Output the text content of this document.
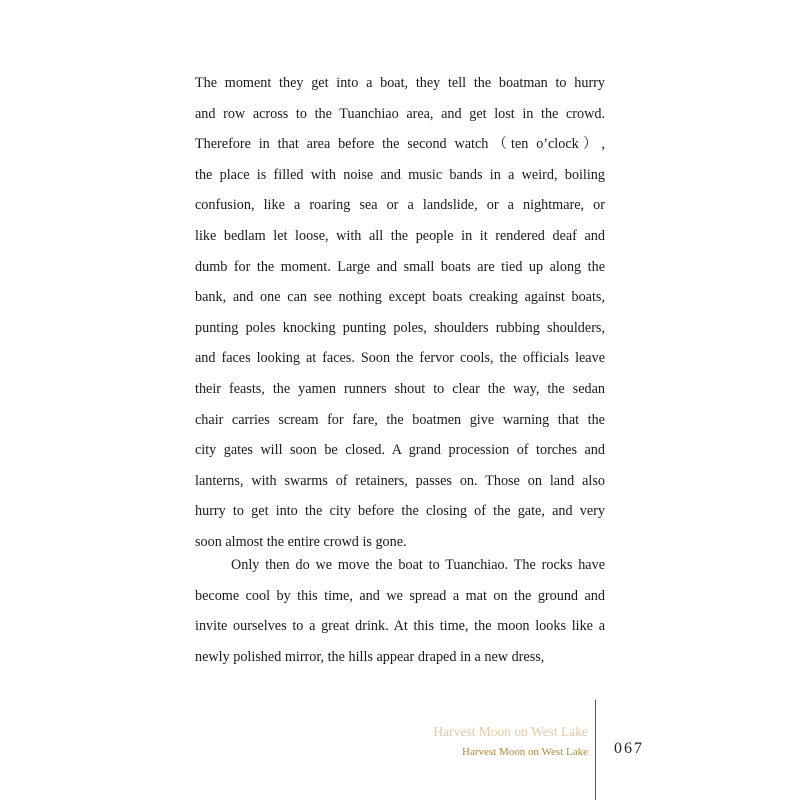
The moment they get into a boat, they tell the boatman to hurry
and row across to the Tuanchiao area, and get lost in the crowd.
Therefore in that area before the second watch（ten o’clock）,
the place is filled with noise and music bands in a weird, boiling
confusion, like a roaring sea or a landslide, or a nightmare, or
like bedlam let loose, with all the people in it rendered deaf and
dumb for the moment. Large and small boats are tied up along the
bank, and one can see nothing except boats creaking against boats,
punting poles knocking punting poles, shoulders rubbing shoulders,
and faces looking at faces. Soon the fervor cools, the officials leave
their feasts, the yamen runners shout to clear the way, the sedan
chair carries scream for fare, the boatmen give warning that the
city gates will soon be closed. A grand procession of torches and
lanterns, with swarms of retainers, passes on. Those on land also
hurry to get into the city before the closing of the gate, and very
soon almost the entire crowd is gone.
Only then do we move the boat to Tuanchiao. The rocks have
become cool by this time, and we spread a mat on the ground and
invite ourselves to a great drink. At this time, the moon looks like a
newly polished mirror, the hills appear draped in a new dress,
Harvest Moon on West Lake
Harvest Moon on West Lake 067
